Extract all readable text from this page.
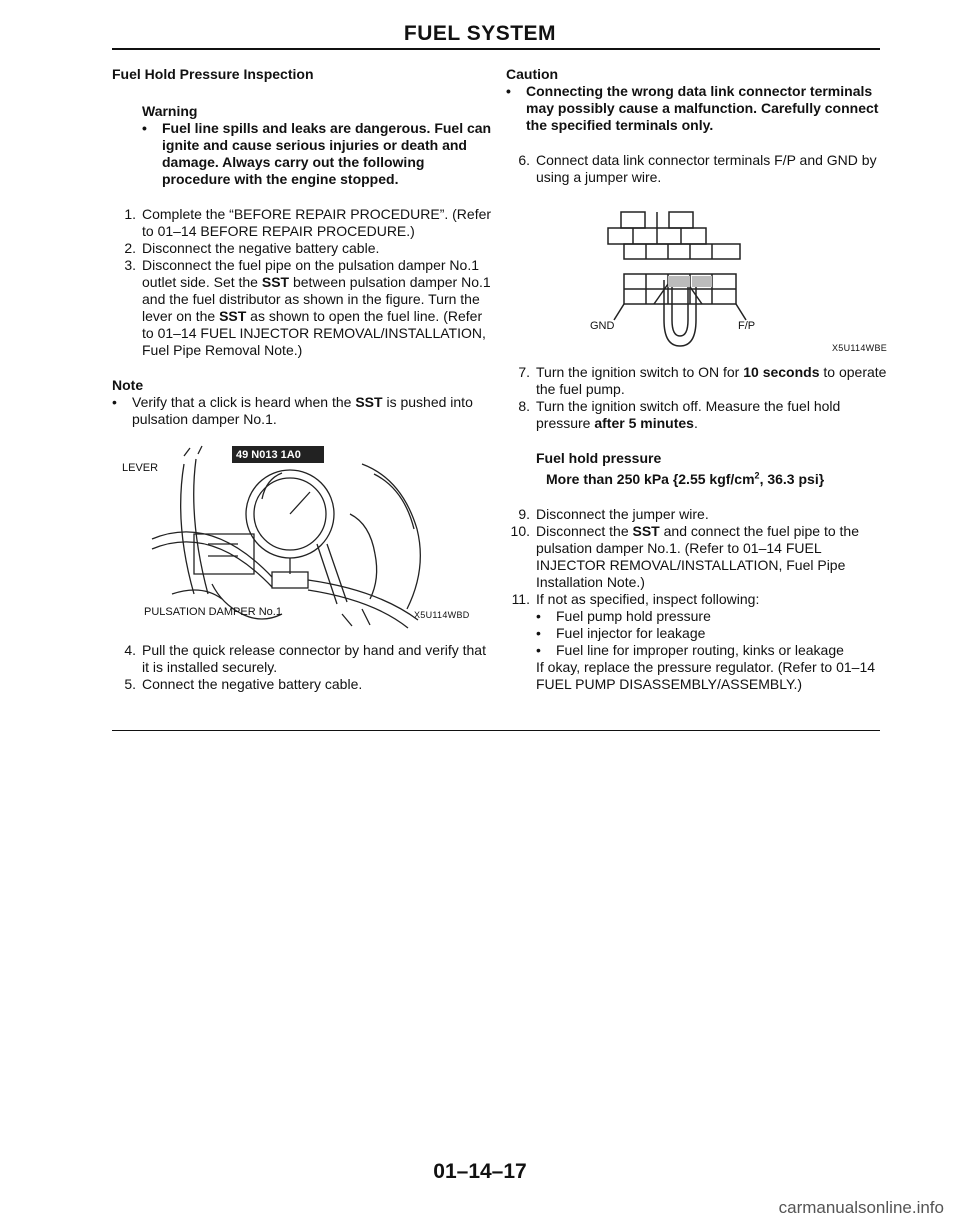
FUEL SYSTEM
Fuel Hold Pressure Inspection
Warning
•	Fuel line spills and leaks are dangerous. Fuel can ignite and cause serious injuries or death and damage. Always carry out the following procedure with the engine stopped.
1. Complete the “BEFORE REPAIR PROCEDURE”. (Refer to 01–14 BEFORE REPAIR PROCEDURE.)
2. Disconnect the negative battery cable.
3. Disconnect the fuel pipe on the pulsation damper No.1 outlet side. Set the SST between pulsation damper No.1 and the fuel distributor as shown in the figure. Turn the lever on the SST as shown to open the fuel line. (Refer to 01–14 FUEL INJECTOR REMOVAL/INSTALLATION, Fuel Pipe Removal Note.)
Note
•	Verify that a click is heard when the SST is pushed into pulsation damper No.1.
LEVER
49 N013 1A0
PULSATION DAMPER No.1	X5U114WBD
4. Pull the quick release connector by hand and verify that it is installed securely.
5. Connect the negative battery cable.
Caution
•	Connecting the wrong data link connector terminals may possibly cause a malfunction. Carefully connect the specified terminals only.
6. Connect data link connector terminals F/P and GND by using a jumper wire.
GND	F/P
X5U114WBE
7. Turn the ignition switch to ON for 10 seconds to operate the fuel pump.
8. Turn the ignition switch off. Measure the fuel hold pressure after 5 minutes.
Fuel hold pressure
More than 250 kPa {2.55 kgf/$cm^2$, 36.3 psi}
9. Disconnect the jumper wire.
10. Disconnect the SST and connect the fuel pipe to the pulsation damper No.1. (Refer to 01–14 FUEL INJECTOR REMOVAL/INSTALLATION, Fuel Pipe Installation Note.)
11. If not as specified, inspect following:
•	Fuel pump hold pressure
•	Fuel injector for leakage
•	Fuel line for improper routing, kinks or leakage
If okay, replace the pressure regulator. (Refer to 01–14 FUEL PUMP DISASSEMBLY/ASSEMBLY.)
01–14–17
carmanualsonline.info
